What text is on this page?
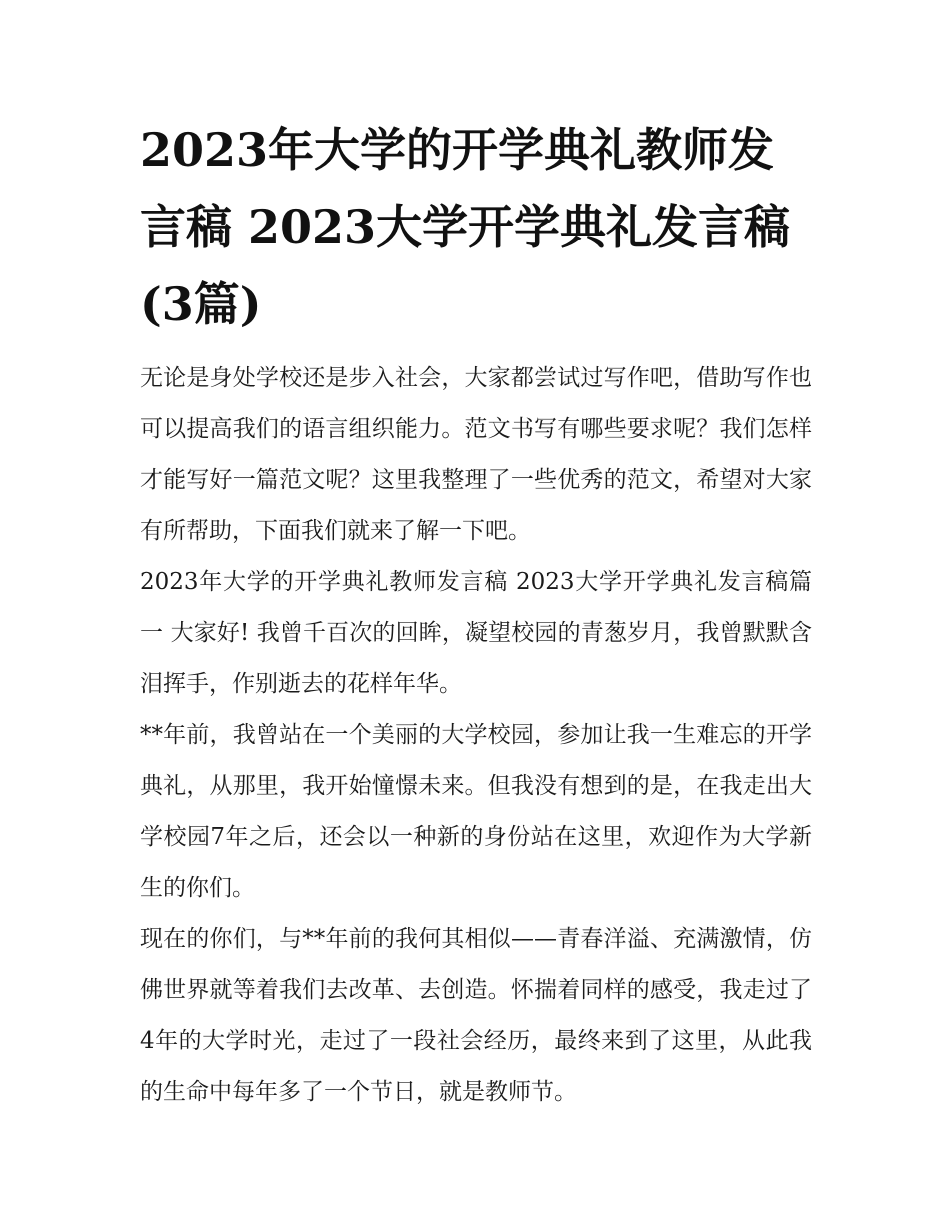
2023年大学的开学典礼教师发言稿 2023大学开学典礼发言稿(3篇)

无论是身处学校还是步入社会，大家都尝试过写作吧，借助写作也可以提高我们的语言组织能力。范文书写有哪些要求呢？我们怎样才能写好一篇范文呢？这里我整理了一些优秀的范文，希望对大家有所帮助，下面我们就来了解一下吧。

2023年大学的开学典礼教师发言稿 2023大学开学典礼发言稿篇一 大家好! 我曾千百次的回眸，凝望校园的青葱岁月，我曾默默含泪挥手，作别逝去的花样年华。

**年前，我曾站在一个美丽的大学校园，参加让我一生难忘的开学典礼，从那里，我开始憧憬未来。但我没有想到的是，在我走出大学校园7年之后，还会以一种新的身份站在这里，欢迎作为大学新生的你们。

现在的你们，与**年前的我何其相似——青春洋溢、充满激情，仿佛世界就等着我们去改革、去创造。怀揣着同样的感受，我走过了4年的大学时光，走过了一段社会经历，最终来到了这里，从此我的生命中每年多了一个节日，就是教师节。
